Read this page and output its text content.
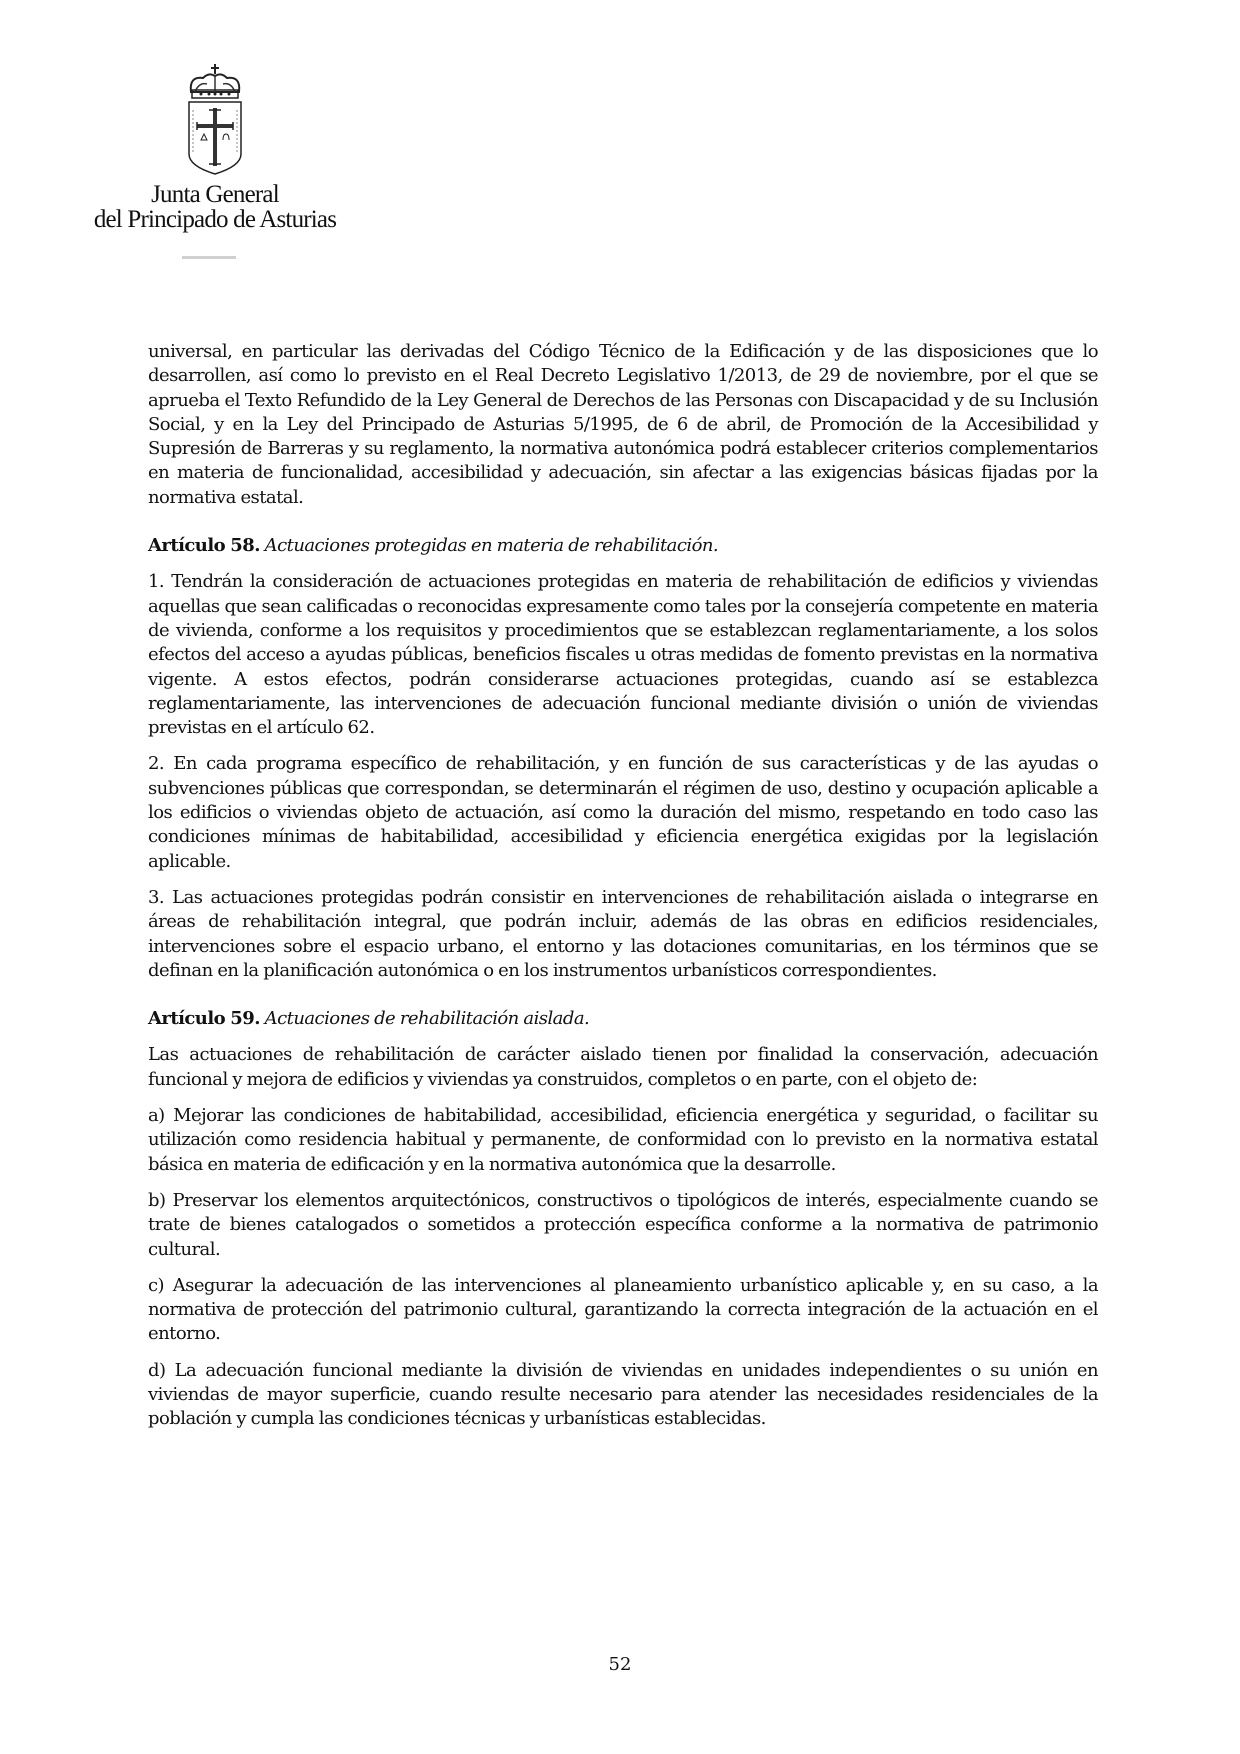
Junta General
del Principado de Asturias

universal, en particular las derivadas del Código Técnico de la Edificación y de las disposiciones que lo desarrollen, así como lo previsto en el Real Decreto Legislativo 1/2013, de 29 de noviembre, por el que se aprueba el Texto Refundido de la Ley General de Derechos de las Personas con Discapacidad y de su Inclusión Social, y en la Ley del Principado de Asturias 5/1995, de 6 de abril, de Promoción de la Accesibilidad y Supresión de Barreras y su reglamento, la normativa autonómica podrá establecer criterios complementarios en materia de funcionalidad, accesibilidad y adecuación, sin afectar a las exigencias básicas fijadas por la normativa estatal.

Artículo 58. Actuaciones protegidas en materia de rehabilitación.

1. Tendrán la consideración de actuaciones protegidas en materia de rehabilitación de edificios y viviendas aquellas que sean calificadas o reconocidas expresamente como tales por la consejería competente en materia de vivienda, conforme a los requisitos y procedimientos que se establezcan reglamentariamente, a los solos efectos del acceso a ayudas públicas, beneficios fiscales u otras medidas de fomento previstas en la normativa vigente. A estos efectos, podrán considerarse actuaciones protegidas, cuando así se establezca reglamentariamente, las intervenciones de adecuación funcional mediante división o unión de viviendas previstas en el artículo 62.

2. En cada programa específico de rehabilitación, y en función de sus características y de las ayudas o subvenciones públicas que correspondan, se determinarán el régimen de uso, destino y ocupación aplicable a los edificios o viviendas objeto de actuación, así como la duración del mismo, respetando en todo caso las condiciones mínimas de habitabilidad, accesibilidad y eficiencia energética exigidas por la legislación aplicable.

3. Las actuaciones protegidas podrán consistir en intervenciones de rehabilitación aislada o integrarse en áreas de rehabilitación integral, que podrán incluir, además de las obras en edificios residenciales, intervenciones sobre el espacio urbano, el entorno y las dotaciones comunitarias, en los términos que se definan en la planificación autonómica o en los instrumentos urbanísticos correspondientes.

Artículo 59. Actuaciones de rehabilitación aislada.

Las actuaciones de rehabilitación de carácter aislado tienen por finalidad la conservación, adecuación funcional y mejora de edificios y viviendas ya construidos, completos o en parte, con el objeto de:

a) Mejorar las condiciones de habitabilidad, accesibilidad, eficiencia energética y seguridad, o facilitar su utilización como residencia habitual y permanente, de conformidad con lo previsto en la normativa estatal básica en materia de edificación y en la normativa autonómica que la desarrolle.

b) Preservar los elementos arquitectónicos, constructivos o tipológicos de interés, especialmente cuando se trate de bienes catalogados o sometidos a protección específica conforme a la normativa de patrimonio cultural.

c) Asegurar la adecuación de las intervenciones al planeamiento urbanístico aplicable y, en su caso, a la normativa de protección del patrimonio cultural, garantizando la correcta integración de la actuación en el entorno.

d) La adecuación funcional mediante la división de viviendas en unidades independientes o su unión en viviendas de mayor superficie, cuando resulte necesario para atender las necesidades residenciales de la población y cumpla las condiciones técnicas y urbanísticas establecidas.

52
